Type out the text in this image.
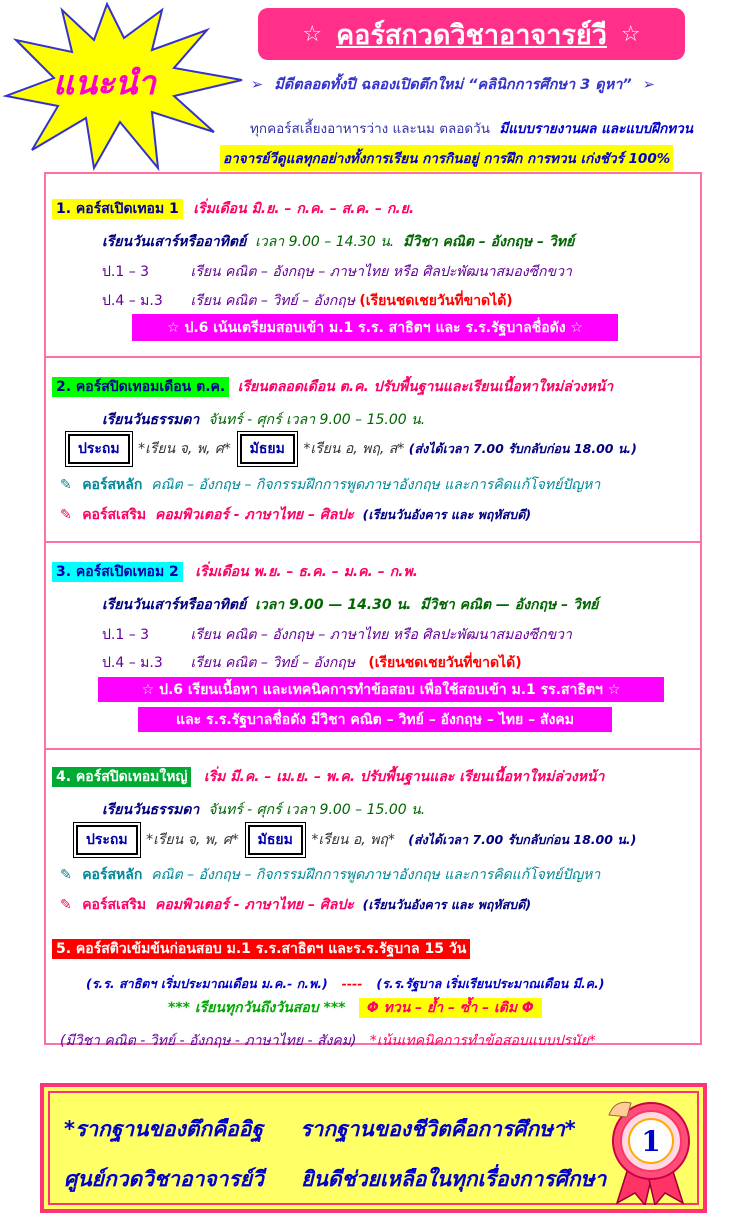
แนะนำ
☆ คอร์สกวดวิชาอาจารย์วี ☆
➢ มีดีตลอดทั้งปี ฉลองเปิดตึกใหม่ “คลินิกการศึกษา 3 ดูหา” ➢
ทุกคอร์สเลี้ยงอาหารว่าง และนม ตลอดวัน มีแบบรายงานผล และแบบฝึกทวน
อาจารย์วีดูแลทุกอย่างทั้งการเรียน การกินอยู่ การฝึก การทวน เก่งชัวร์ 100%
1. คอร์สเปิดเทอม 1 เริ่มเดือน มิ.ย. – ก.ค. – ส.ค. – ก.ย.
เรียนวันเสาร์หรืออาทิตย์ เวลา 9.00 – 14.30 น. มีวิชา คณิต – อังกฤษ – วิทย์
ป.1 – 3	เรียน คณิต – อังกฤษ – ภาษาไทย หรือ ศิลปะพัฒนาสมองซีกขวา
ป.4 – ม.3 เรียน คณิต – วิทย์ – อังกฤษ (เรียนชดเชยวันที่ขาดได้)
☆ ป.6 เน้นเตรียมสอบเข้า ม.1 ร.ร. สาธิตฯ และ ร.ร.รัฐบาลชื่อดัง ☆
2. คอร์สปิดเทอมเดือน ต.ค. เรียนตลอดเดือน ต.ค. ปรับพื้นฐานและเรียนเนื้อหาใหม่ล่วงหน้า
เรียนวันธรรมดา จันทร์ - ศุกร์ เวลา 9.00 – 15.00 น.
ประถม *เรียน จ, พ, ศ* มัธยม *เรียน อ, พฤ, ส* (ส่งได้เวลา 7.00 รับกลับก่อน 18.00 น.)
✎ คอร์สหลัก คณิต – อังกฤษ – กิจกรรมฝึกการพูดภาษาอังกฤษ และการคิดแก้โจทย์ปัญหา
✎ คอร์สเสริม คอมพิวเตอร์ - ภาษาไทย – ศิลปะ (เรียนวันอังคาร และ พฤหัสบดี)
3. คอร์สเปิดเทอม 2 เริ่มเดือน พ.ย. – ธ.ค. – ม.ค. – ก.พ.
เรียนวันเสาร์หรืออาทิตย์ เวลา 9.00 — 14.30 น. มีวิชา คณิต — อังกฤษ – วิทย์
ป.1 – 3	เรียน คณิต – อังกฤษ – ภาษาไทย หรือ ศิลปะพัฒนาสมองซีกขวา
ป.4 – ม.3 เรียน คณิต – วิทย์ – อังกฤษ (เรียนชดเชยวันที่ขาดได้)
☆ ป.6 เรียนเนื้อหา และเทคนิคการทำข้อสอบ เพื่อใช้สอบเข้า ม.1 รร.สาธิตฯ ☆
และ ร.ร.รัฐบาลชื่อดัง มีวิชา คณิต – วิทย์ – อังกฤษ – ไทย – สังคม
4. คอร์สปิดเทอมใหญ่ เริ่ม มี.ค. – เม.ย. – พ.ค. ปรับพื้นฐานและ เรียนเนื้อหาใหม่ล่วงหน้า
เรียนวันธรรมดา จันทร์ - ศุกร์ เวลา 9.00 – 15.00 น.
ประถม *เรียน จ, พ, ศ* มัธยม *เรียน อ, พฤ* (ส่งได้เวลา 7.00 รับกลับก่อน 18.00 น.)
✎ คอร์สหลัก คณิต – อังกฤษ – กิจกรรมฝึกการพูดภาษาอังกฤษ และการคิดแก้โจทย์ปัญหา
✎ คอร์สเสริม คอมพิวเตอร์ - ภาษาไทย – ศิลปะ (เรียนวันอังคาร และ พฤหัสบดี)
5. คอร์สติวเข้มข้นก่อนสอบ ม.1 ร.ร.สาธิตฯ และร.ร.รัฐบาล 15 วัน
(ร.ร. สาธิตฯ เริ่มประมาณเดือน ม.ค.- ก.พ.) ---- (ร.ร.รัฐบาล เริ่มเรียนประมาณเดือน มี.ค.)
*** เรียนทุกวันถึงวันสอบ *** Φ ทวน – ย้ำ – ซ้ำ – เติม Φ
(มีวิชา คณิต - วิทย์ - อังกฤษ - ภาษาไทย - สังคม) *เน้นเทคนิคการทำข้อสอบแบบปรนัย*
*รากฐานของตึกคืออิฐ รากฐานของชีวิตคือการศึกษา*
ศูนย์กวดวิชาอาจารย์วี ยินดีช่วยเหลือในทุกเรื่องการศึกษา
1
